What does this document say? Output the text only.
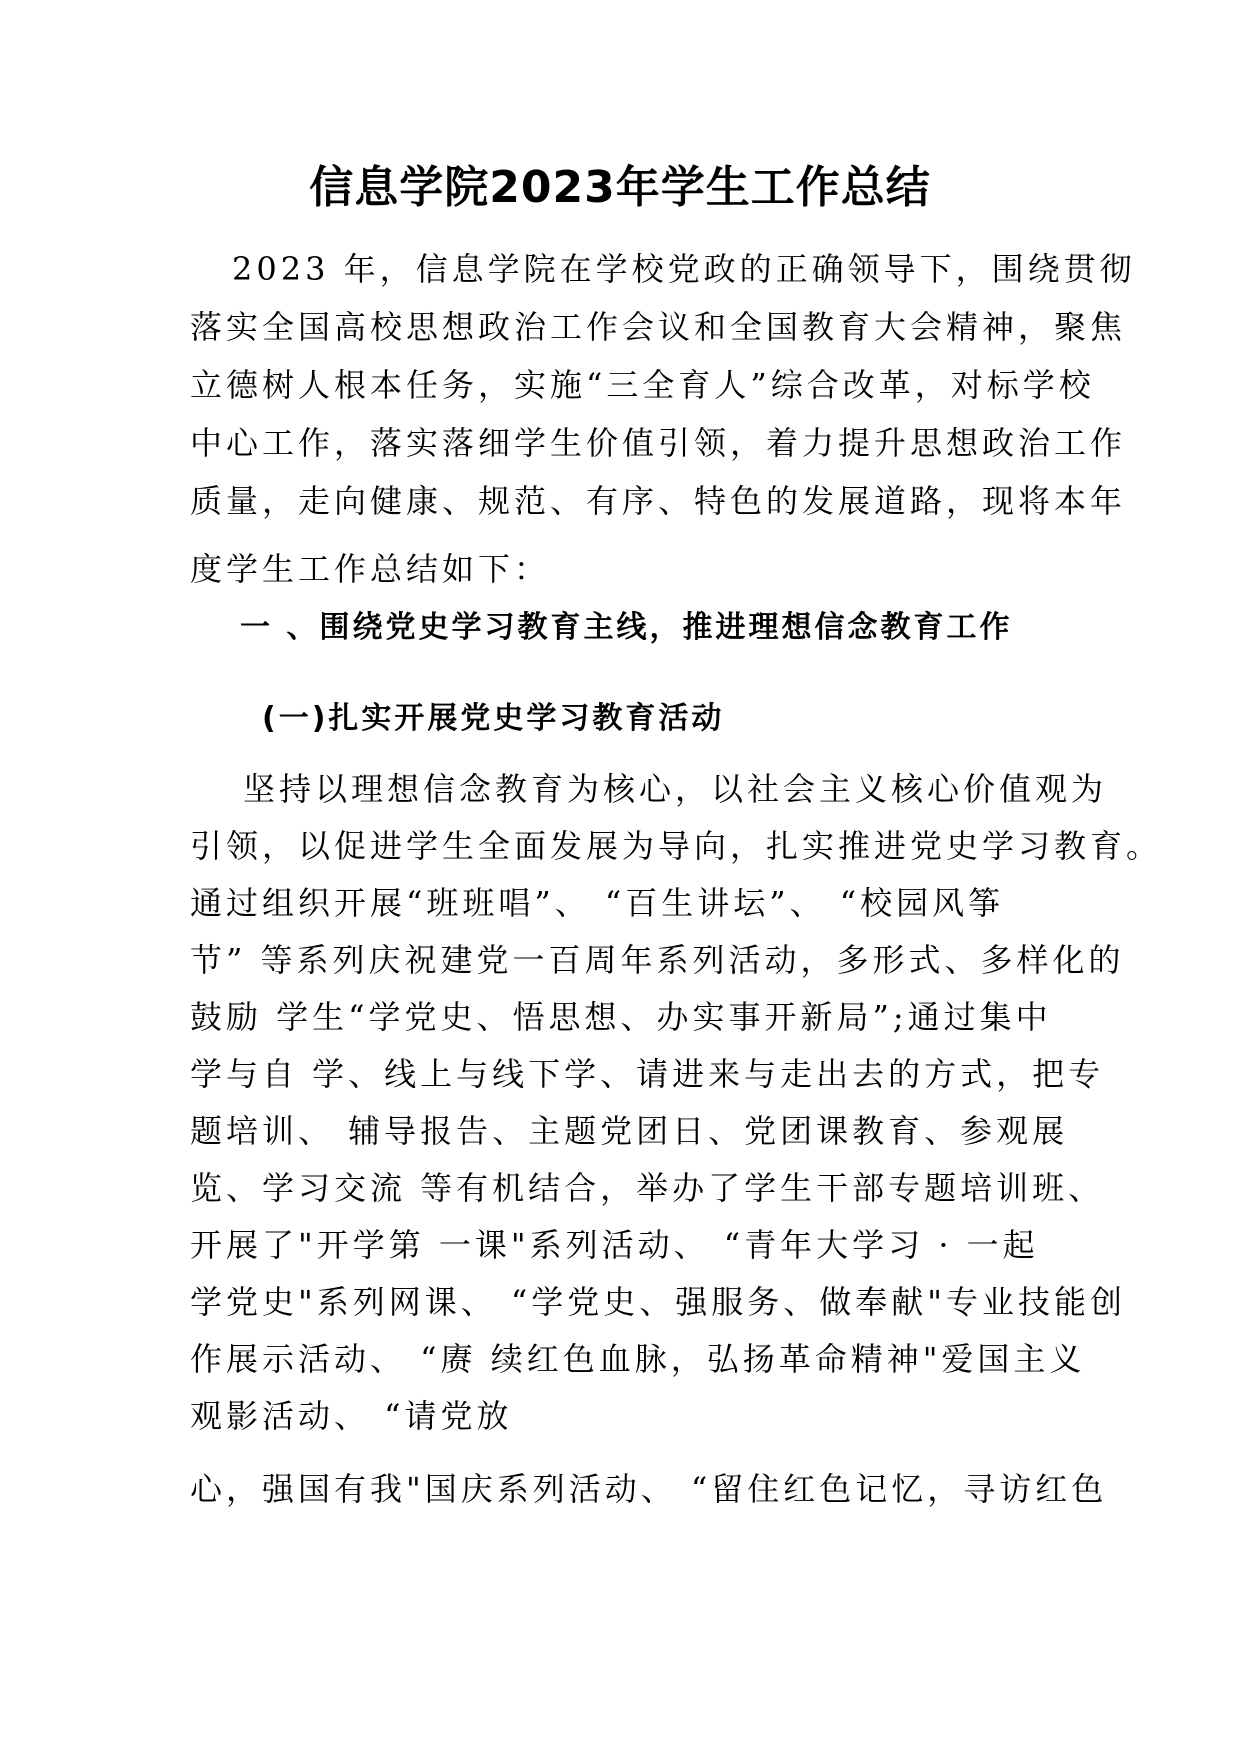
信息学院2023年学生工作总结
2023 年，信息学院在学校党政的正确领导下，围绕贯彻
落实全国高校思想政治工作会议和全国教育大会精神，聚焦
立德树人根本任务，实施“三全育人”综合改革，对标学校
中心工作，落实落细学生价值引领，着力提升思想政治工作
质量，走向健康、规范、有序、特色的发展道路，现将本年
度学生工作总结如下：
一 、围绕党史学习教育主线，推进理想信念教育工作
(一)扎实开展党史学习教育活动
坚持以理想信念教育为核心，以社会主义核心价值观为
引领，以促进学生全面发展为导向，扎实推进党史学习教育。
通过组织开展“班班唱”、 “百生讲坛”、 “校园风筝
节” 等系列庆祝建党一百周年系列活动，多形式、多样化的
鼓励 学生“学党史、悟思想、办实事开新局”;通过集中
学与自 学、线上与线下学、请进来与走出去的方式，把专
题培训、 辅导报告、主题党团日、党团课教育、参观展
览、学习交流 等有机结合，举办了学生干部专题培训班、
开展了"开学第 一课"系列活动、 “青年大学习 · 一起
学党史"系列网课、 “学党史、强服务、做奉献"专业技能创
作展示活动、 “赓 续红色血脉，弘扬革命精神"爱国主义
观影活动、 “请党放
心，强国有我"国庆系列活动、 “留住红色记忆，寻访红色
